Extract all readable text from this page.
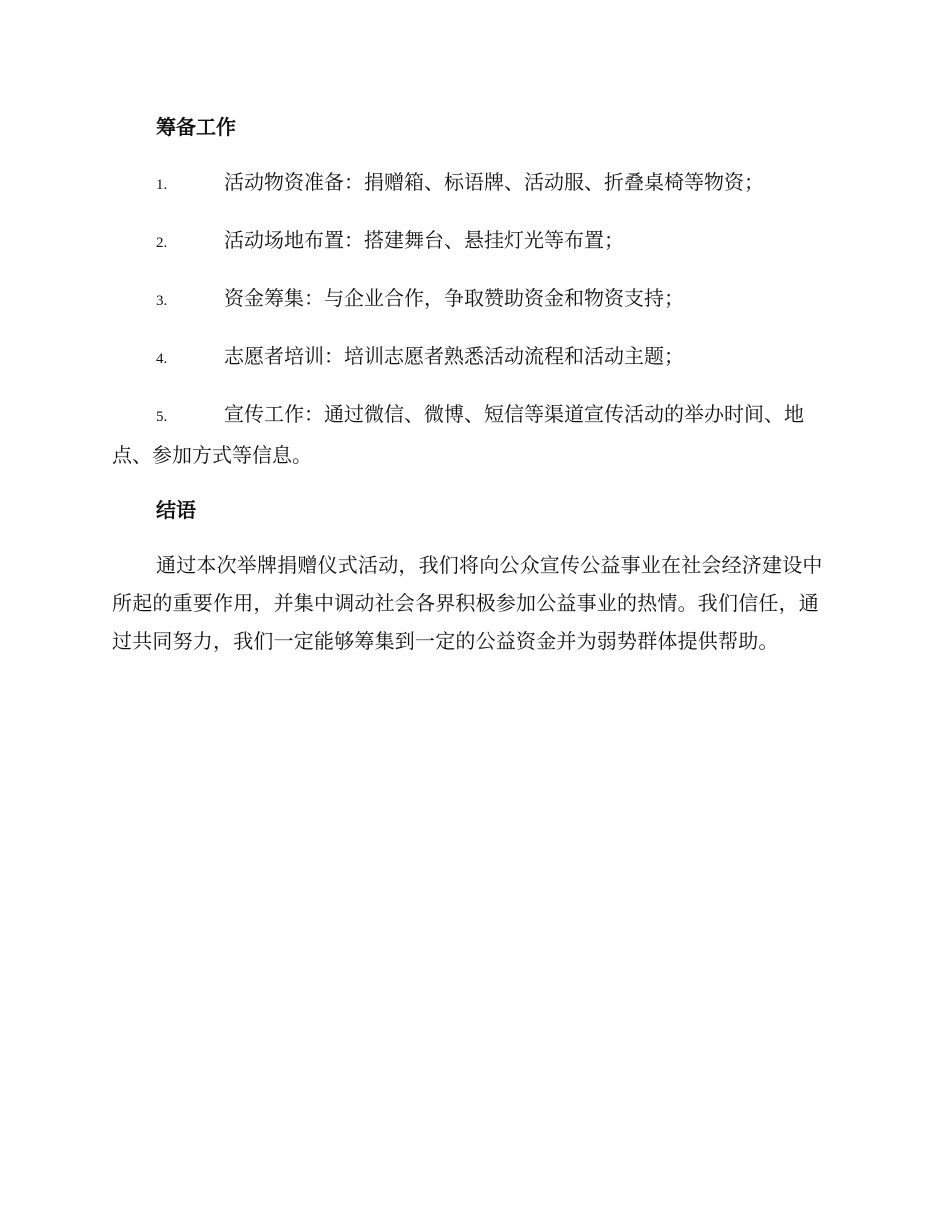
筹备工作
1.	活动物资准备：捐赠箱、标语牌、活动服、折叠桌椅等物资；
2.	活动场地布置：搭建舞台、悬挂灯光等布置；
3.	资金筹集：与企业合作，争取赞助资金和物资支持；
4.	志愿者培训：培训志愿者熟悉活动流程和活动主题；
5.	宣传工作：通过微信、微博、短信等渠道宣传活动的举办时间、地点、参加方式等信息。
结语

通过本次举牌捐赠仪式活动，我们将向公众宣传公益事业在社会经济建设中所起的重要作用，并集中调动社会各界积极参加公益事业的热情。我们信任，通过共同努力，我们一定能够筹集到一定的公益资金并为弱势群体提供帮助。
